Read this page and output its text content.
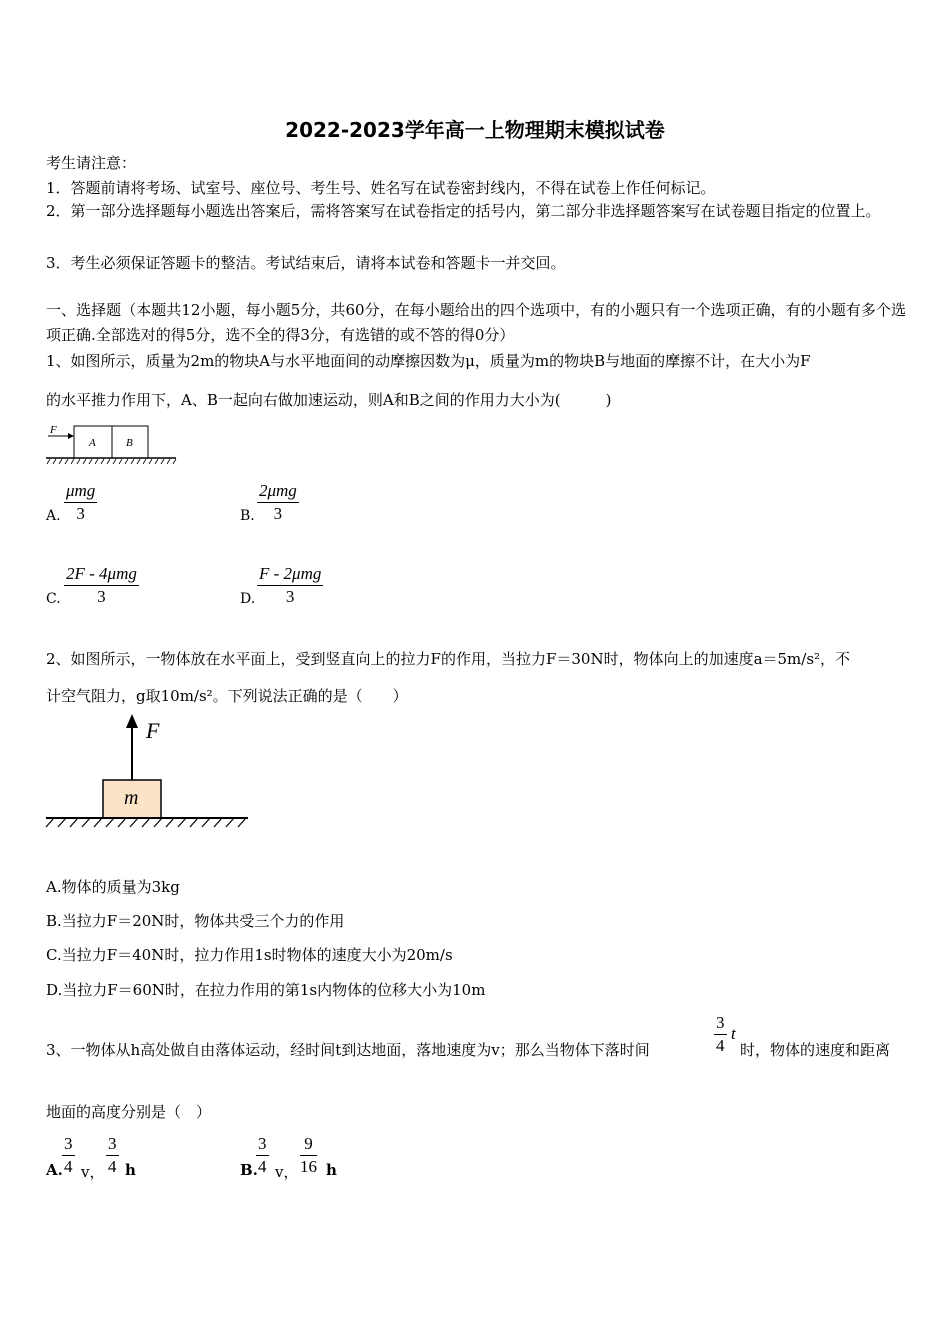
2022-2023学年高一上物理期末模拟试卷
考生请注意：
1．答题前请将考场、试室号、座位号、考生号、姓名写在试卷密封线内，不得在试卷上作任何标记。
2．第一部分选择题每小题选出答案后，需将答案写在试卷指定的括号内，第二部分非选择题答案写在试卷题目指定的位置上。
3．考生必须保证答题卡的整洁。考试结束后，请将本试卷和答题卡一并交回。
一、选择题（本题共12小题，每小题5分，共60分，在每小题给出的四个选项中，有的小题只有一个选项正确，有的小题有多个选项正确.全部选对的得5分，选不全的得3分，有选错的或不答的得0分）
1、如图所示，质量为2m的物块A与水平地面间的动摩擦因数为μ，质量为m的物块B与地面的摩擦不计，在大小为F
的水平推力作用下，A、B一起向右做加速运动，则A和B之间的作用力大小为(　　　)
F
A	B
A.
μmg
3	B.
2μmg
3
C.
2F - 4μmg
3	D.
F - 2μmg
3
2、如图所示，一物体放在水平面上，受到竖直向上的拉力F的作用，当拉力F＝30N时，物体向上的加速度a＝5m/s²，不
计空气阻力，g取10m/s²。下列说法正确的是（　　）
F
m
A.物体的质量为3kg
B.当拉力F＝20N时，物体共受三个力的作用
C.当拉力F＝40N时，拉力作用1s时物体的速度大小为20m/s
D.当拉力F＝60N时，在拉力作用的第1s内物体的位移大小为10m
3、一物体从h高处做自由落体运动，经时间t到达地面，落地速度为v；那么当物体下落时间
3
4
t
时，物体的速度和距离
地面的高度分别是（　）
A.
3
4 v，
3
4 h	B.
3
4 v，
9
16 h
